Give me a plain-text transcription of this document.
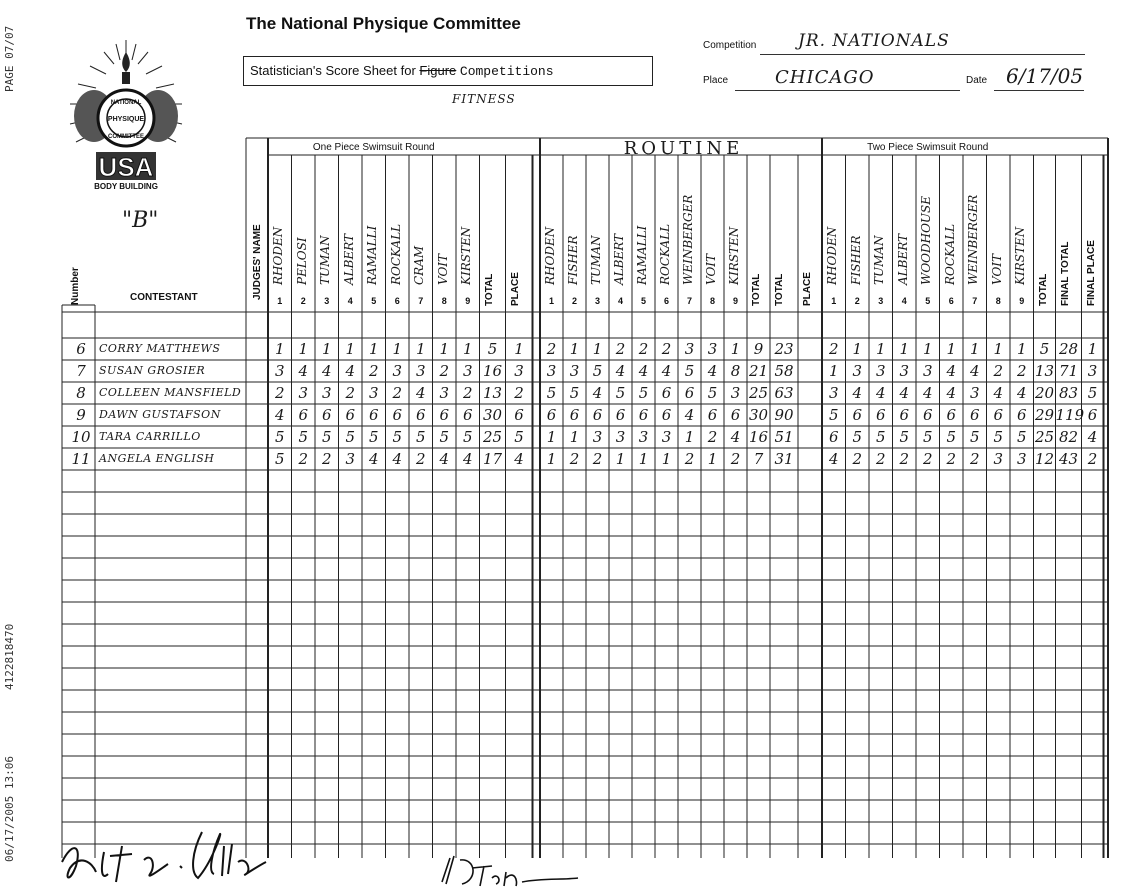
The National Physique Committee
Statistician's Score Sheet for Figure Competitions
FITNESS
Competition JR. NATIONALS
Place	CHICAGO	Date 6/17/05
NATIONAL
PHYSIQUE
COMMITTEE
USA
BODY BUILDING
"B"
Number	CONTESTANT	JUDGES' NAME
One Piece Swimsuit Round
RHODEN
1
PELOSI
2
TUMAN
3
ALBERT
4
RAMALLI
5
ROCKALL
6
CRAM
7
VOIT
8
KIRSTEN
9	TOTAL PLACE
ROUTINE
RHODEN
1
FISHER
2
TUMAN
3
ALBERT
4
RAMALLI
5
ROCKALL
6
WEINBERGER
7
VOIT
8
KIRSTEN
9	TOTAL TOTAL PLACE
Two Piece Swimsuit Round
RHODEN
1
FISHER
2
TUMAN
3
ALBERT
4
WOODHOUSE
5
ROCKALL
6
WEINBERGER
7
VOIT
8
KIRSTEN
9	TOTAL FINAL TOTAL FINAL PLACE
6	CORRY MATTHEWS	1 1 1 1 1 1 1 1 1	5	1	2 1 1 2 2 2 3 3 1 9 23	2 1 1 1 1 1 1 1 1 5 28 1
7	SUSAN GROSIER	3 4 4 4 2 3 3 2 3 16 3	3 3 5 4 4 4 5 4 8 21 58	1 3 3 3 3 4 4 2 2 13 71 3
8	COLLEEN MANSFIELD	2 3 3 2 3 2 4 3 2 13 2	5 5 4 5 5 6 6 5 3 25 63	3 4 4 4 4 4 3 4 4 20 83 5
9	DAWN GUSTAFSON	4 6 6 6 6 6 6 6 6 30 6	6 6 6 6 6 6 4 6 6 30 90	5 6 6 6 6 6 6 6 6 29 119 6
10 TARA CARRILLO	5 5 5 5 5 5 5 5 5 25 5	1 1 3 3 3 3 1 2 4 16 51	6 5 5 5 5 5 5 5 5 25 82 4
11 ANGELA ENGLISH	5 2 2 3 4 4 2 4 4 17 4	1 2 2 1 1 1 2 1 2 7 31	4 2 2 2 2 2 2 3 3 12 43 2
PAGE 07/07
4122818470
06/17/2005 13:06
